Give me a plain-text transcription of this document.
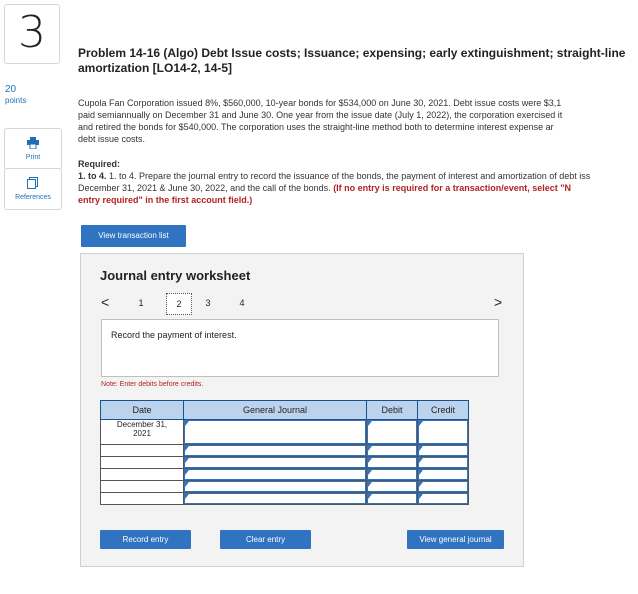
3
20
points
Print
References
Problem 14-16 (Algo) Debt Issue costs; Issuance; expensing; early extinguishment; straight-line
amortization [LO14-2, 14-5]
Cupola Fan Corporation issued 8%, $560,000, 10-year bonds for $534,000 on June 30, 2021. Debt issue costs were $3,1
paid semiannually on December 31 and June 30. One year from the issue date (July 1, 2022), the corporation exercised it
and retired the bonds for $540,000. The corporation uses the straight-line method both to determine interest expense ar
debt issue costs.
Required:
1. to 4. 1. to 4. Prepare the journal entry to record the issuance of the bonds, the payment of interest and amortization of debt iss
December 31, 2021 & June 30, 2022, and the call of the bonds. (If no entry is required for a transaction/event, select "N
entry required" in the first account field.)
View transaction list
Journal entry worksheet
<	1	2	3	4	>
Record the payment of interest.
Note: Enter debits before credits.
Date	General Journal	Debit	Credit

December 31,
2021			

Record entry	Clear entry	View general journal
